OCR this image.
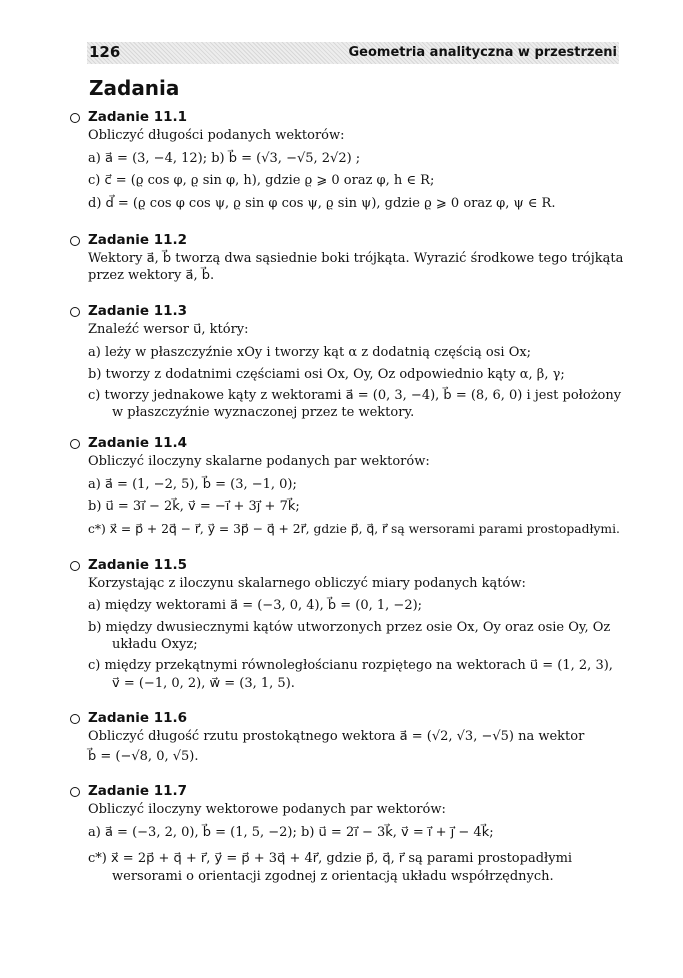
126	Geometria analityczna w przestrzeni
Zadania
Zadanie 11.1
Obliczyć długości podanych wektorów:
a) a⃗ = (3, −4, 12); b) b⃗ = (√3, −√5, 2√2) ;
c) c⃗ = (ϱ cos φ, ϱ sin φ, h), gdzie ϱ ⩾ 0 oraz φ, h ∈ R;
d) d⃗ = (ϱ cos φ cos ψ, ϱ sin φ cos ψ, ϱ sin ψ), gdzie ϱ ⩾ 0 oraz φ, ψ ∈ R.
Zadanie 11.2
Wektory a⃗, b⃗ tworzą dwa sąsiednie boki trójkąta. Wyrazić środkowe tego trójkąta
przez wektory a⃗, b⃗.
Zadanie 11.3
Znaleźć wersor u⃗, który:
a) leży w płaszczyźnie xOy i tworzy kąt α z dodatnią częścią osi Ox;
b) tworzy z dodatnimi częściami osi Ox, Oy, Oz odpowiednio kąty α, β, γ;
c) tworzy jednakowe kąty z wektorami a⃗ = (0, 3, −4), b⃗ = (8, 6, 0) i jest położony
w płaszczyźnie wyznaczonej przez te wektory.
Zadanie 11.4
Obliczyć iloczyny skalarne podanych par wektorów:
a) a⃗ = (1, −2, 5), b⃗ = (3, −1, 0);
b) u⃗ = 3i⃗ − 2k⃗, v⃗ = −i⃗ + 3j⃗ + 7k⃗;
c*) x⃗ = p⃗ + 2q⃗ − r⃗, y⃗ = 3p⃗ − q⃗ + 2r⃗, gdzie p⃗, q⃗, r⃗ są wersorami parami prostopadłymi.
Zadanie 11.5
Korzystając z iloczynu skalarnego obliczyć miary podanych kątów:
a) między wektorami a⃗ = (−3, 0, 4), b⃗ = (0, 1, −2);
b) między dwusiecznymi kątów utworzonych przez osie Ox, Oy oraz osie Oy, Oz
układu Oxyz;
c) między przekątnymi równoległościanu rozpiętego na wektorach u⃗ = (1, 2, 3),
v⃗ = (−1, 0, 2), w⃗ = (3, 1, 5).
Zadanie 11.6
Obliczyć długość rzutu prostokątnego wektora a⃗ = (√2, √3, −√5) na wektor
b⃗ = (−√8, 0, √5).
Zadanie 11.7
Obliczyć iloczyny wektorowe podanych par wektorów:
a) a⃗ = (−3, 2, 0), b⃗ = (1, 5, −2); b) u⃗ = 2i⃗ − 3k⃗, v⃗ = i⃗ + j⃗ − 4k⃗;
c*) x⃗ = 2p⃗ + q⃗ + r⃗, y⃗ = p⃗ + 3q⃗ + 4r⃗, gdzie p⃗, q⃗, r⃗ są parami prostopadłymi
wersorami o orientacji zgodnej z orientacją układu współrzędnych.
